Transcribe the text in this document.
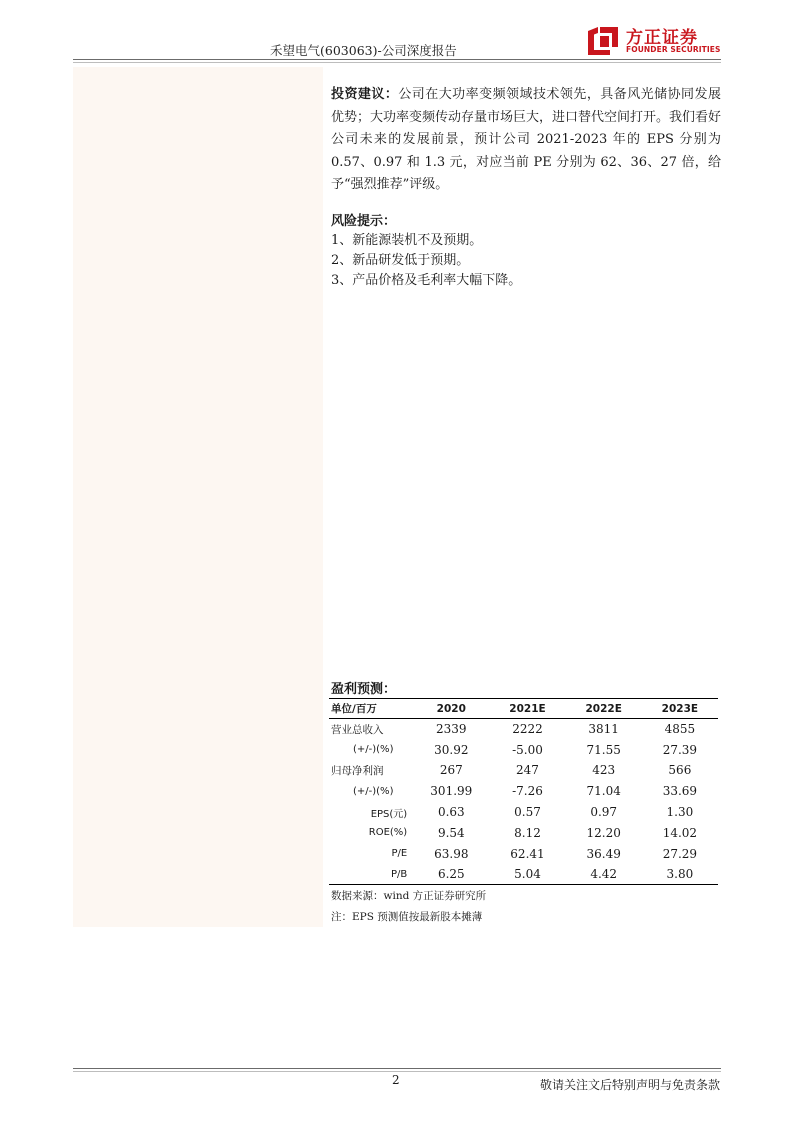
禾望电气(603063)-公司深度报告
方正证券
FOUNDER SECURITIES
投资建议：公司在大功率变频领域技术领先，具备风光储协同发展优势；大功率变频传动存量市场巨大，进口替代空间打开。我们看好公司未来的发展前景，预计公司 2021-2023 年的 EPS 分别为 0.57、0.97 和 1.3 元，对应当前 PE 分别为 62、36、27 倍，给予“强烈推荐”评级。
风险提示：
1、新能源装机不及预期。
2、新品研发低于预期。
3、产品价格及毛利率大幅下降。
盈利预测：
单位/百万	2020	2021E	2022E	2023E
营业总收入	2339	2222	3811	4855
(+/-)(%)	30.92	-5.00	71.55	27.39
归母净利润	267	247	423	566
(+/-)(%)	301.99	-7.26	71.04	33.69
EPS(元)	0.63	0.57	0.97	1.30
ROE(%)	9.54	8.12	12.20	14.02
P/E	63.98	62.41	36.49	27.29
P/B	6.25	5.04	4.42	3.80
数据来源：wind 方正证券研究所
注：EPS 预测值按最新股本摊薄
2	敬请关注文后特别声明与免责条款
